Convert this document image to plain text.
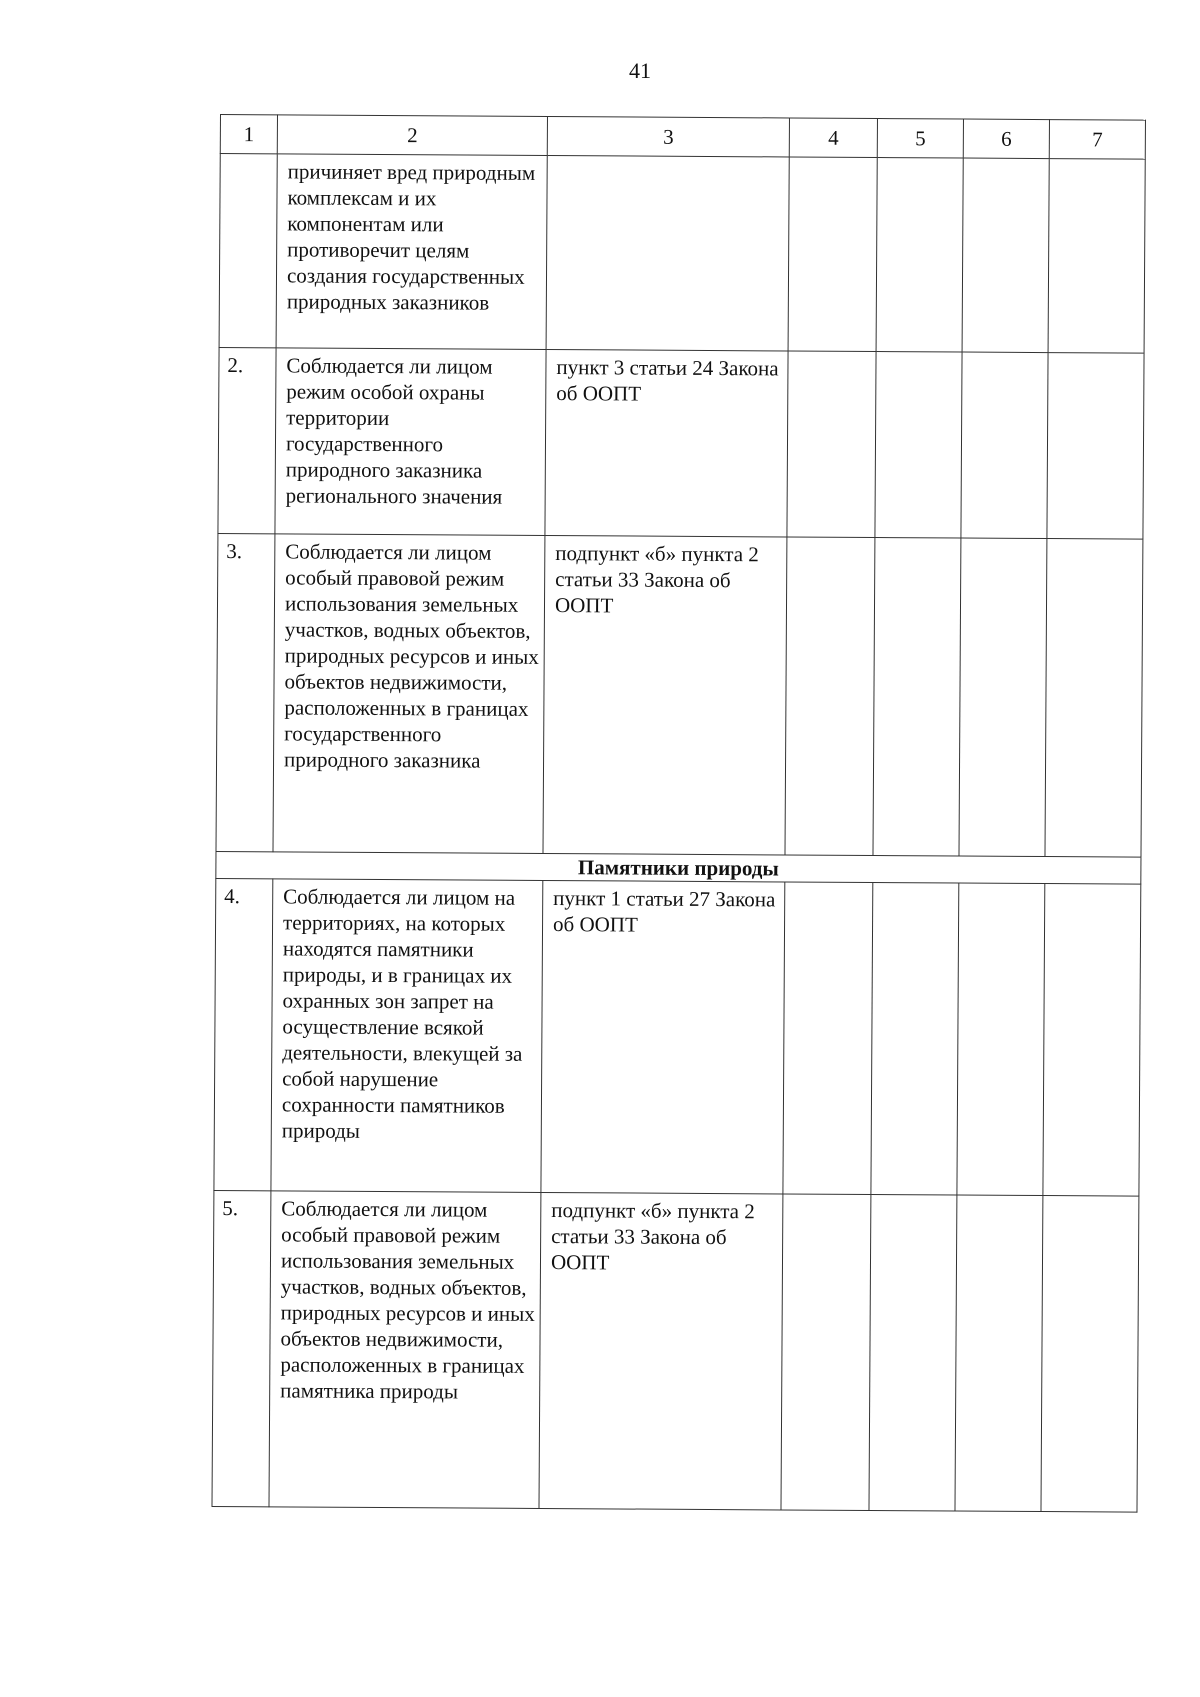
41
1	2	3	4	5	6	7
	причиняет вред природным комплексам и их компонентам или противоречит целям создания государственных природных заказников					
2.	Соблюдается ли лицом режим особой охраны территории государственного природного заказника регионального значения	пункт 3 статьи 24 Закона об ООПТ				
3.	Соблюдается ли лицом особый правовой режим использования земельных участков, водных объектов, природных ресурсов и иных объектов недвижимости, расположенных в границах государственного природного заказника	подпункт «б» пункта 2 статьи 33 Закона об ООПТ				
Памятники природы						
4.	Соблюдается ли лицом на территориях, на которых находятся памятники природы, и в границах их охранных зон запрет на осуществление всякой деятельности, влекущей за собой нарушение сохранности памятников природы	пункт 1 статьи 27 Закона об ООПТ				
5.	Соблюдается ли лицом особый правовой режим использования земельных участков, водных объектов, природных ресурсов и иных объектов недвижимости, расположенных в границах памятника природы	подпункт «б» пункта 2 статьи 33 Закона об ООПТ				
